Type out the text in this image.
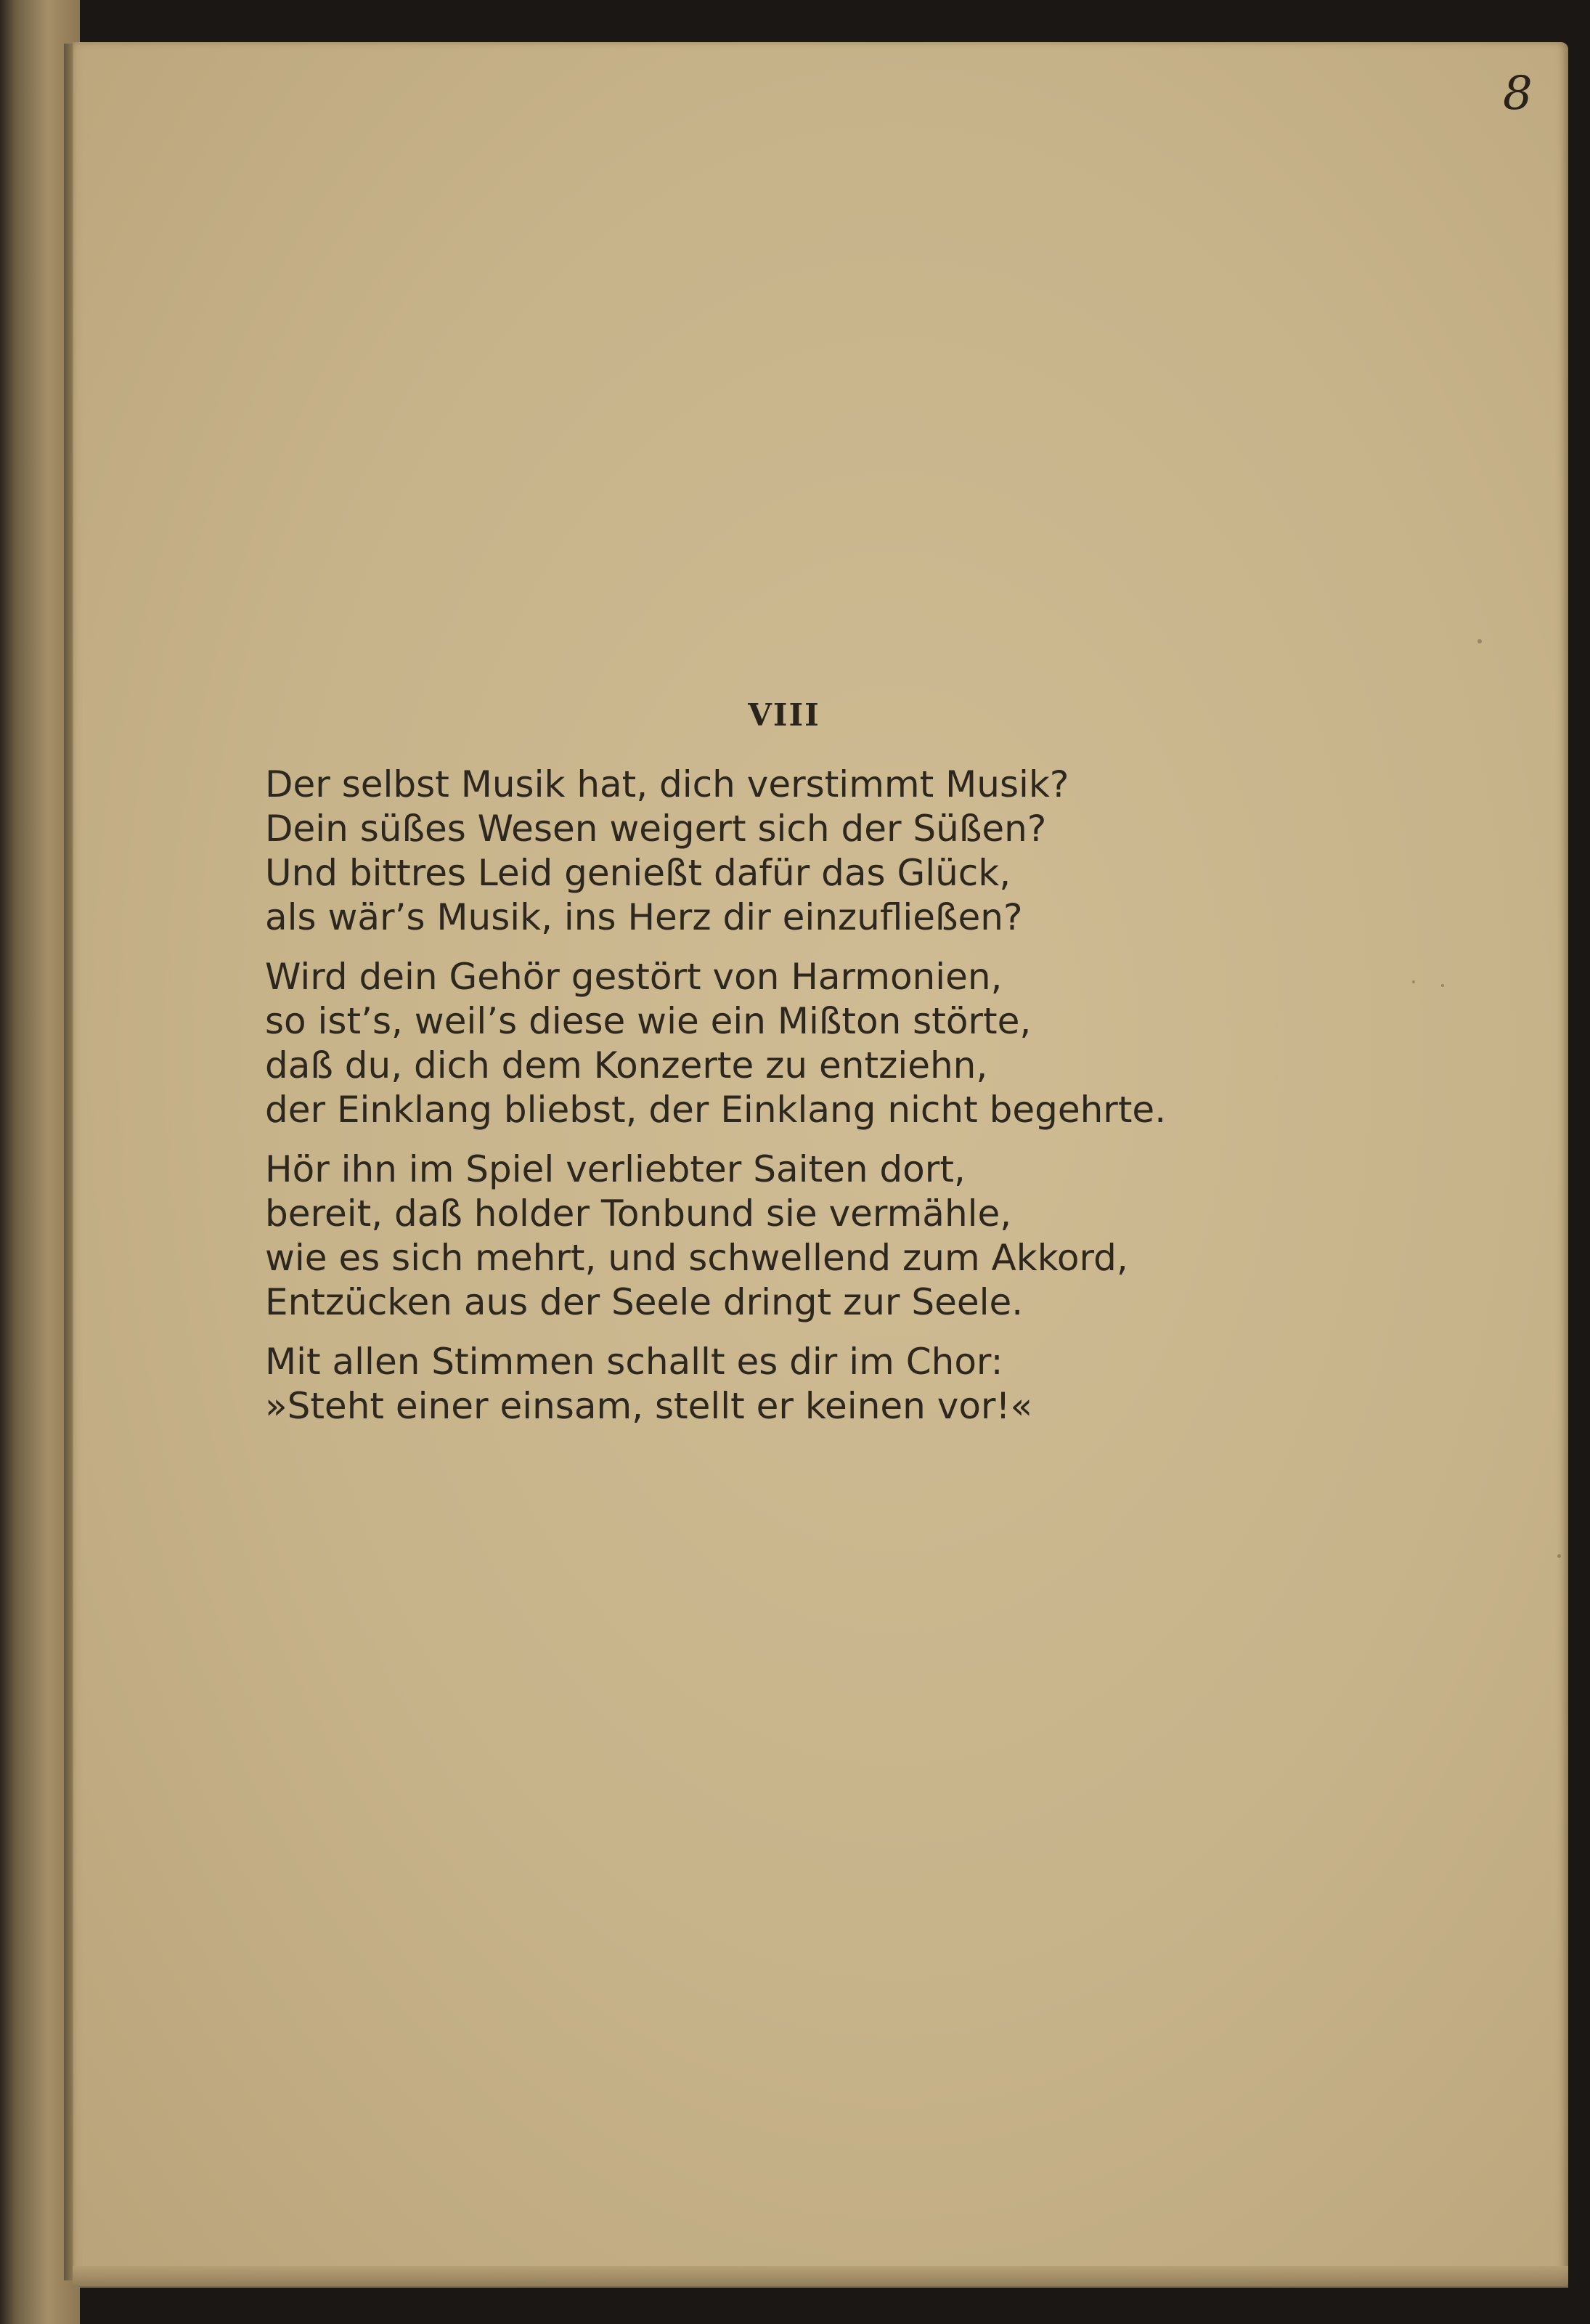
8
VIII
Der selbst Musik hat, dich verstimmt Musik?
Dein süßes Wesen weigert sich der Süßen?
Und bittres Leid genießt dafür das Glück,
als wär’s Musik, ins Herz dir einzufließen?
Wird dein Gehör gestört von Harmonien,
so ist’s, weil’s diese wie ein Mißton störte,
daß du, dich dem Konzerte zu entziehn,
der Einklang bliebst, der Einklang nicht begehrte.
Hör ihn im Spiel verliebter Saiten dort,
bereit, daß holder Tonbund sie vermähle,
wie es sich mehrt, und schwellend zum Akkord,
Entzücken aus der Seele dringt zur Seele.
Mit allen Stimmen schallt es dir im Chor:
»Steht einer einsam, stellt er keinen vor!«
